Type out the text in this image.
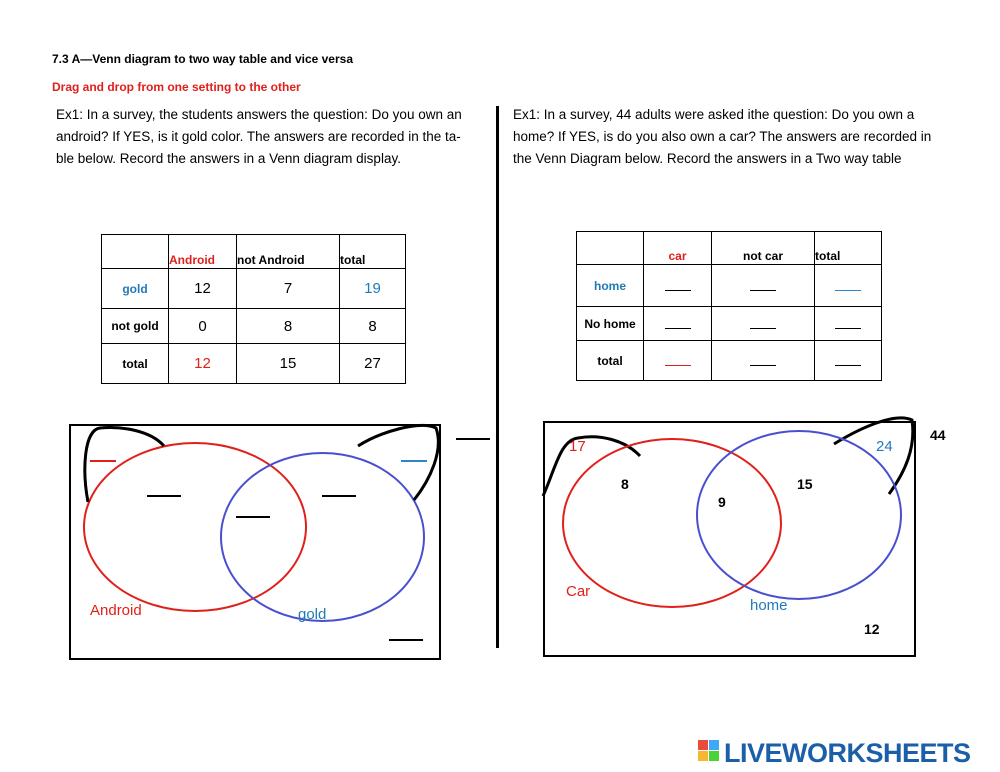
7.3 A—Venn diagram to two way table and vice versa
Drag and drop from one setting to the other
Ex1: In a survey, the students answers the question: Do you own an
android? If YES, is it gold color. The answers are recorded in the ta-
ble below. Record the answers in a Venn diagram display.
Ex1: In a survey, 44 adults were asked ithe question: Do you own a
home? If YES, is do you also own a car? The answers are recorded in
the Venn Diagram below. Record the answers in a Two way table
	Android	not Android	total
gold	12	7	19
not gold	0	8	8
total	12	15	27
	car	not car	total
home			
No home			
total			
Android	gold
17	24
8
9
15
12
44
Car
home
LIVEWORKSHEETS
